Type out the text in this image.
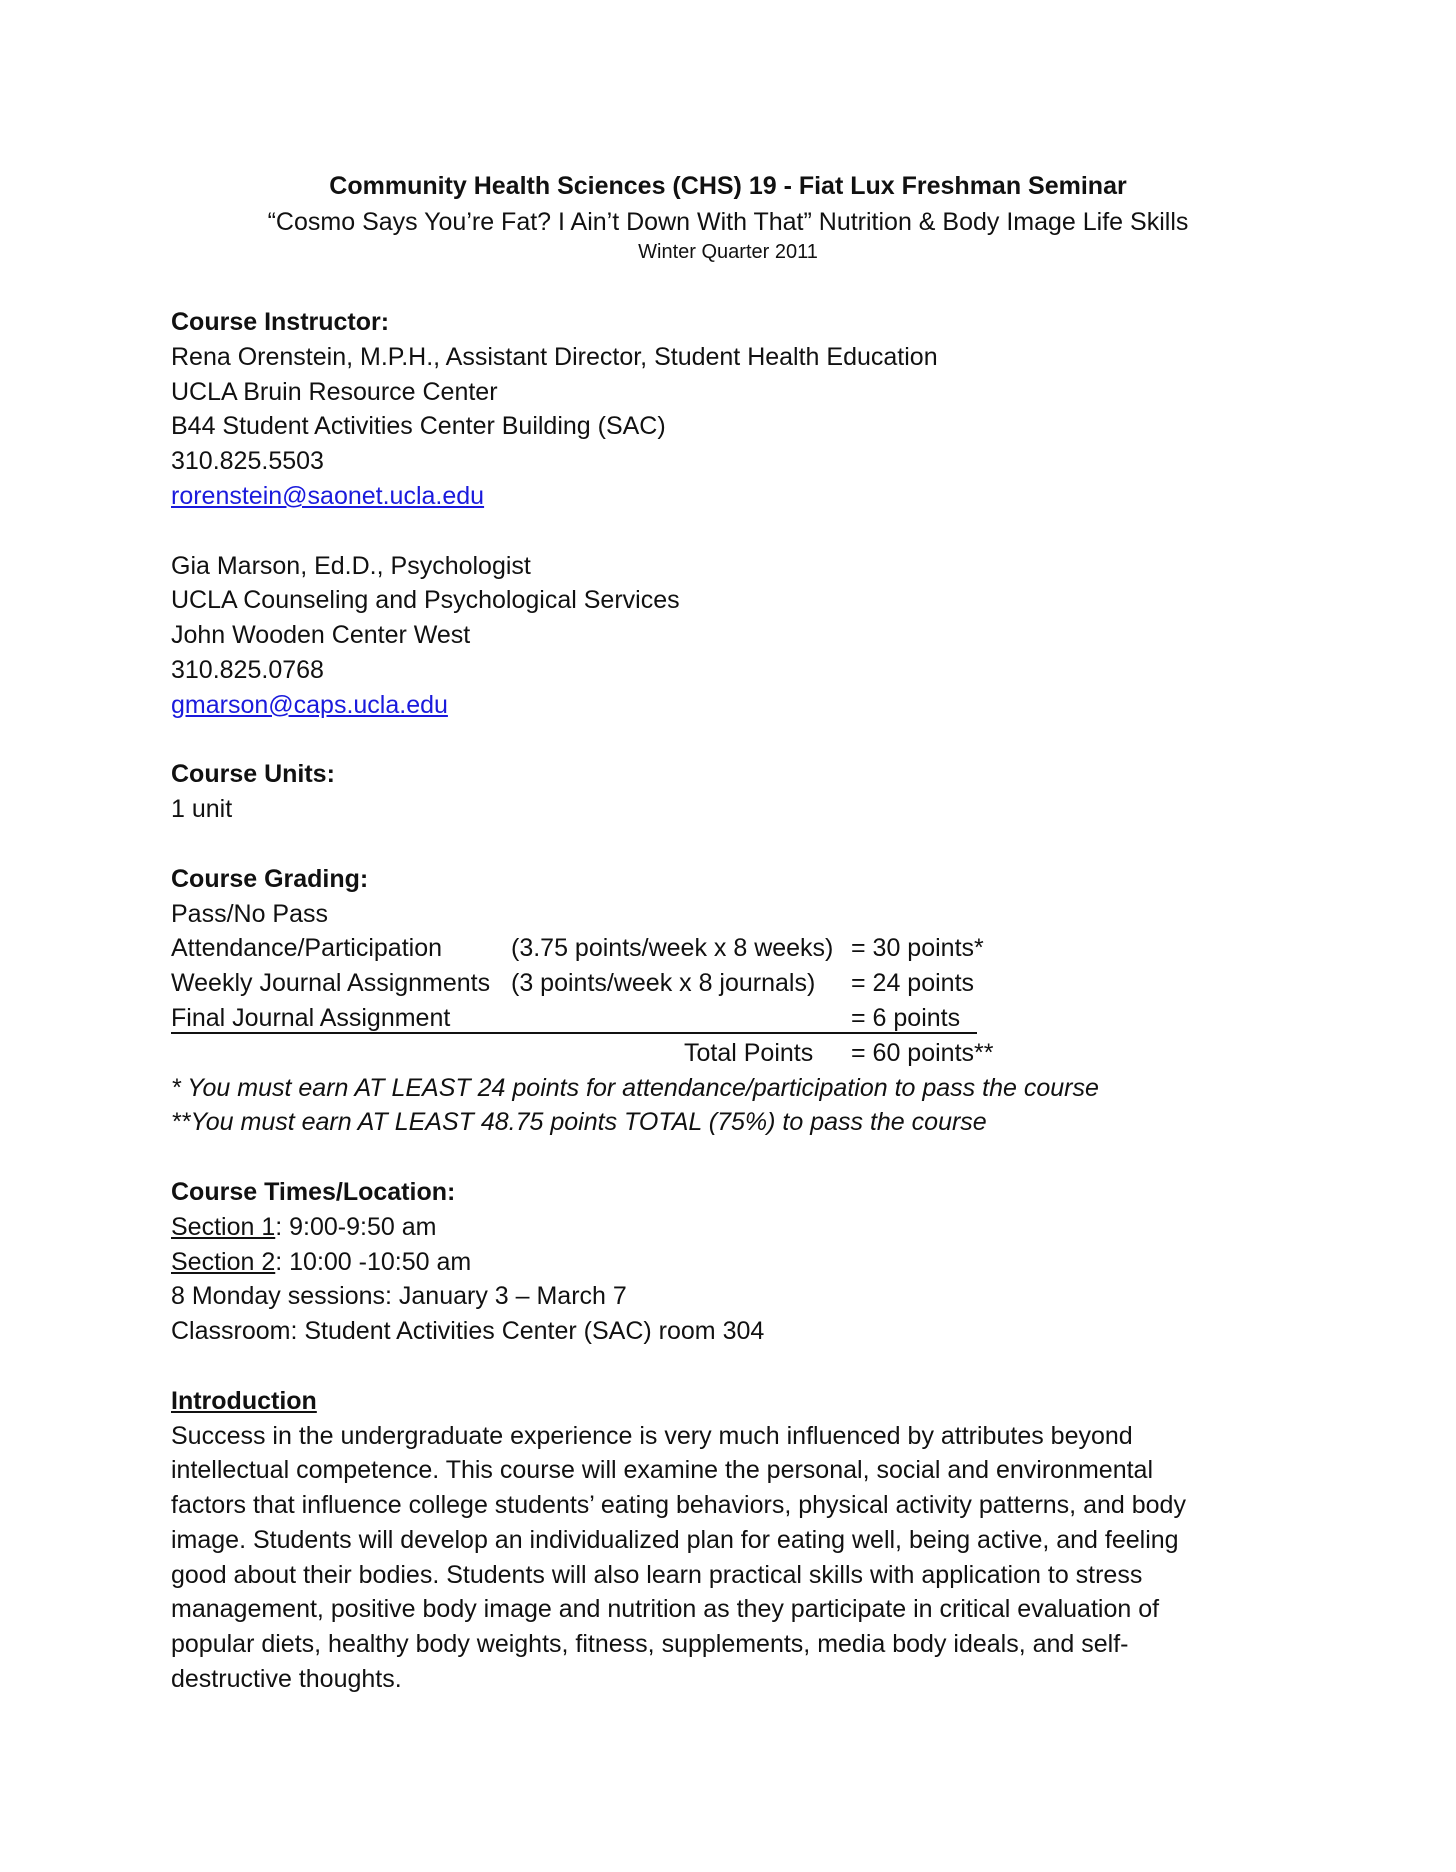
Community Health Sciences (CHS) 19 - Fiat Lux Freshman Seminar
“Cosmo Says You’re Fat? I Ain’t Down With That” Nutrition & Body Image Life Skills
Winter Quarter 2011
Course Instructor:
Rena Orenstein, M.P.H., Assistant Director, Student Health Education
UCLA Bruin Resource Center
B44 Student Activities Center Building (SAC)
310.825.5503
rorenstein@saonet.ucla.edu
Gia Marson, Ed.D., Psychologist
UCLA Counseling and Psychological Services
John Wooden Center West
310.825.0768
gmarson@caps.ucla.edu
Course Units:
1 unit
Course Grading:
Pass/No Pass
Attendance/Participation	(3.75 points/week x 8 weeks) = 30 points*
Weekly Journal Assignments (3 points/week x 8 journals) = 24 points
Final Journal Assignment	= 6 points
Total Points = 60 points**
* You must earn AT LEAST 24 points for attendance/participation to pass the course
**You must earn AT LEAST 48.75 points TOTAL (75%) to pass the course
Course Times/Location:
Section 1: 9:00-9:50 am
Section 2: 10:00 -10:50 am
8 Monday sessions: January 3 – March 7
Classroom: Student Activities Center (SAC) room 304
Introduction
Success in the undergraduate experience is very much influenced by attributes beyond
intellectual competence. This course will examine the personal, social and environmental
factors that influence college students’ eating behaviors, physical activity patterns, and body
image. Students will develop an individualized plan for eating well, being active, and feeling
good about their bodies. Students will also learn practical skills with application to stress
management, positive body image and nutrition as they participate in critical evaluation of
popular diets, healthy body weights, fitness, supplements, media body ideals, and self-
destructive thoughts.
